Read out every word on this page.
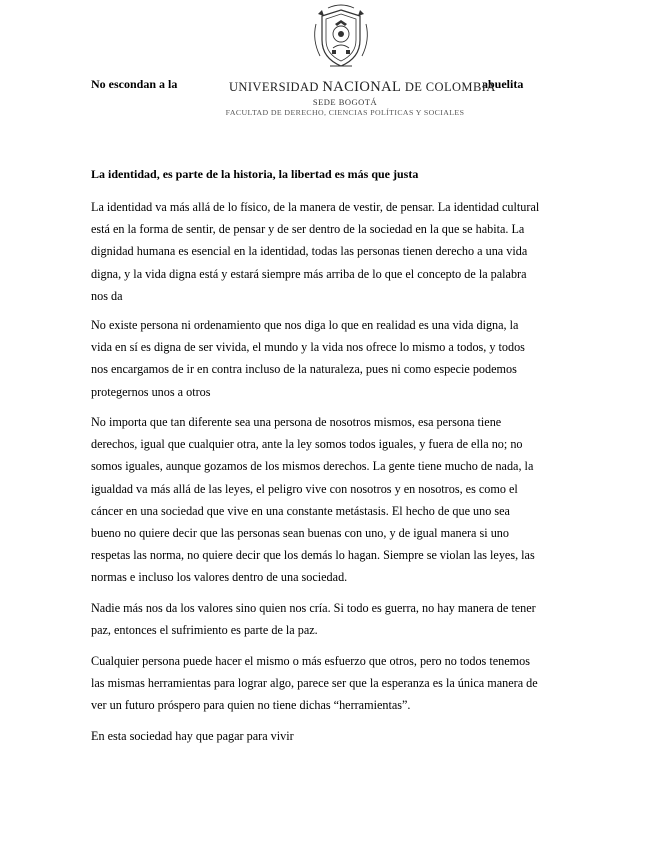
No escondan a la	abuelita
UNIVERSIDAD NACIONAL DE COLOMBIA
SEDE BOGOTÁ
FACULTAD DE DERECHO, CIENCIAS POLÍTICAS Y SOCIALES
La identidad, es parte de la historia, la libertad es más que justa
La identidad va más allá de lo físico, de la manera de vestir, de pensar. La identidad cultural
está en la forma de sentir, de pensar y de ser dentro de la sociedad en la que se habita. La
dignidad humana es esencial en la identidad, todas las personas tienen derecho a una vida
digna, y la vida digna está y estará siempre más arriba de lo que el concepto de la palabra
nos da
No existe persona ni ordenamiento que nos diga lo que en realidad es una vida digna, la
vida en sí es digna de ser vivida, el mundo y la vida nos ofrece lo mismo a todos, y todos
nos encargamos de ir en contra incluso de la naturaleza, pues ni como especie podemos
protegernos unos a otros
No importa que tan diferente sea una persona de nosotros mismos, esa persona tiene
derechos, igual que cualquier otra, ante la ley somos todos iguales, y fuera de ella no; no
somos iguales, aunque gozamos de los mismos derechos. La gente tiene mucho de nada, la
igualdad va más allá de las leyes, el peligro vive con nosotros y en nosotros, es como el
cáncer en una sociedad que vive en una constante metástasis. El hecho de que uno sea
bueno no quiere decir que las personas sean buenas con uno, y de igual manera si uno
respetas las norma, no quiere decir que los demás lo hagan. Siempre se violan las leyes, las
normas e incluso los valores dentro de una sociedad.
Nadie más nos da los valores sino quien nos cría. Si todo es guerra, no hay manera de tener
paz, entonces el sufrimiento es parte de la paz.
Cualquier persona puede hacer el mismo o más esfuerzo que otros, pero no todos tenemos
las mismas herramientas para lograr algo, parece ser que la esperanza es la única manera de
ver un futuro próspero para quien no tiene dichas “herramientas”.
En esta sociedad hay que pagar para vivir
